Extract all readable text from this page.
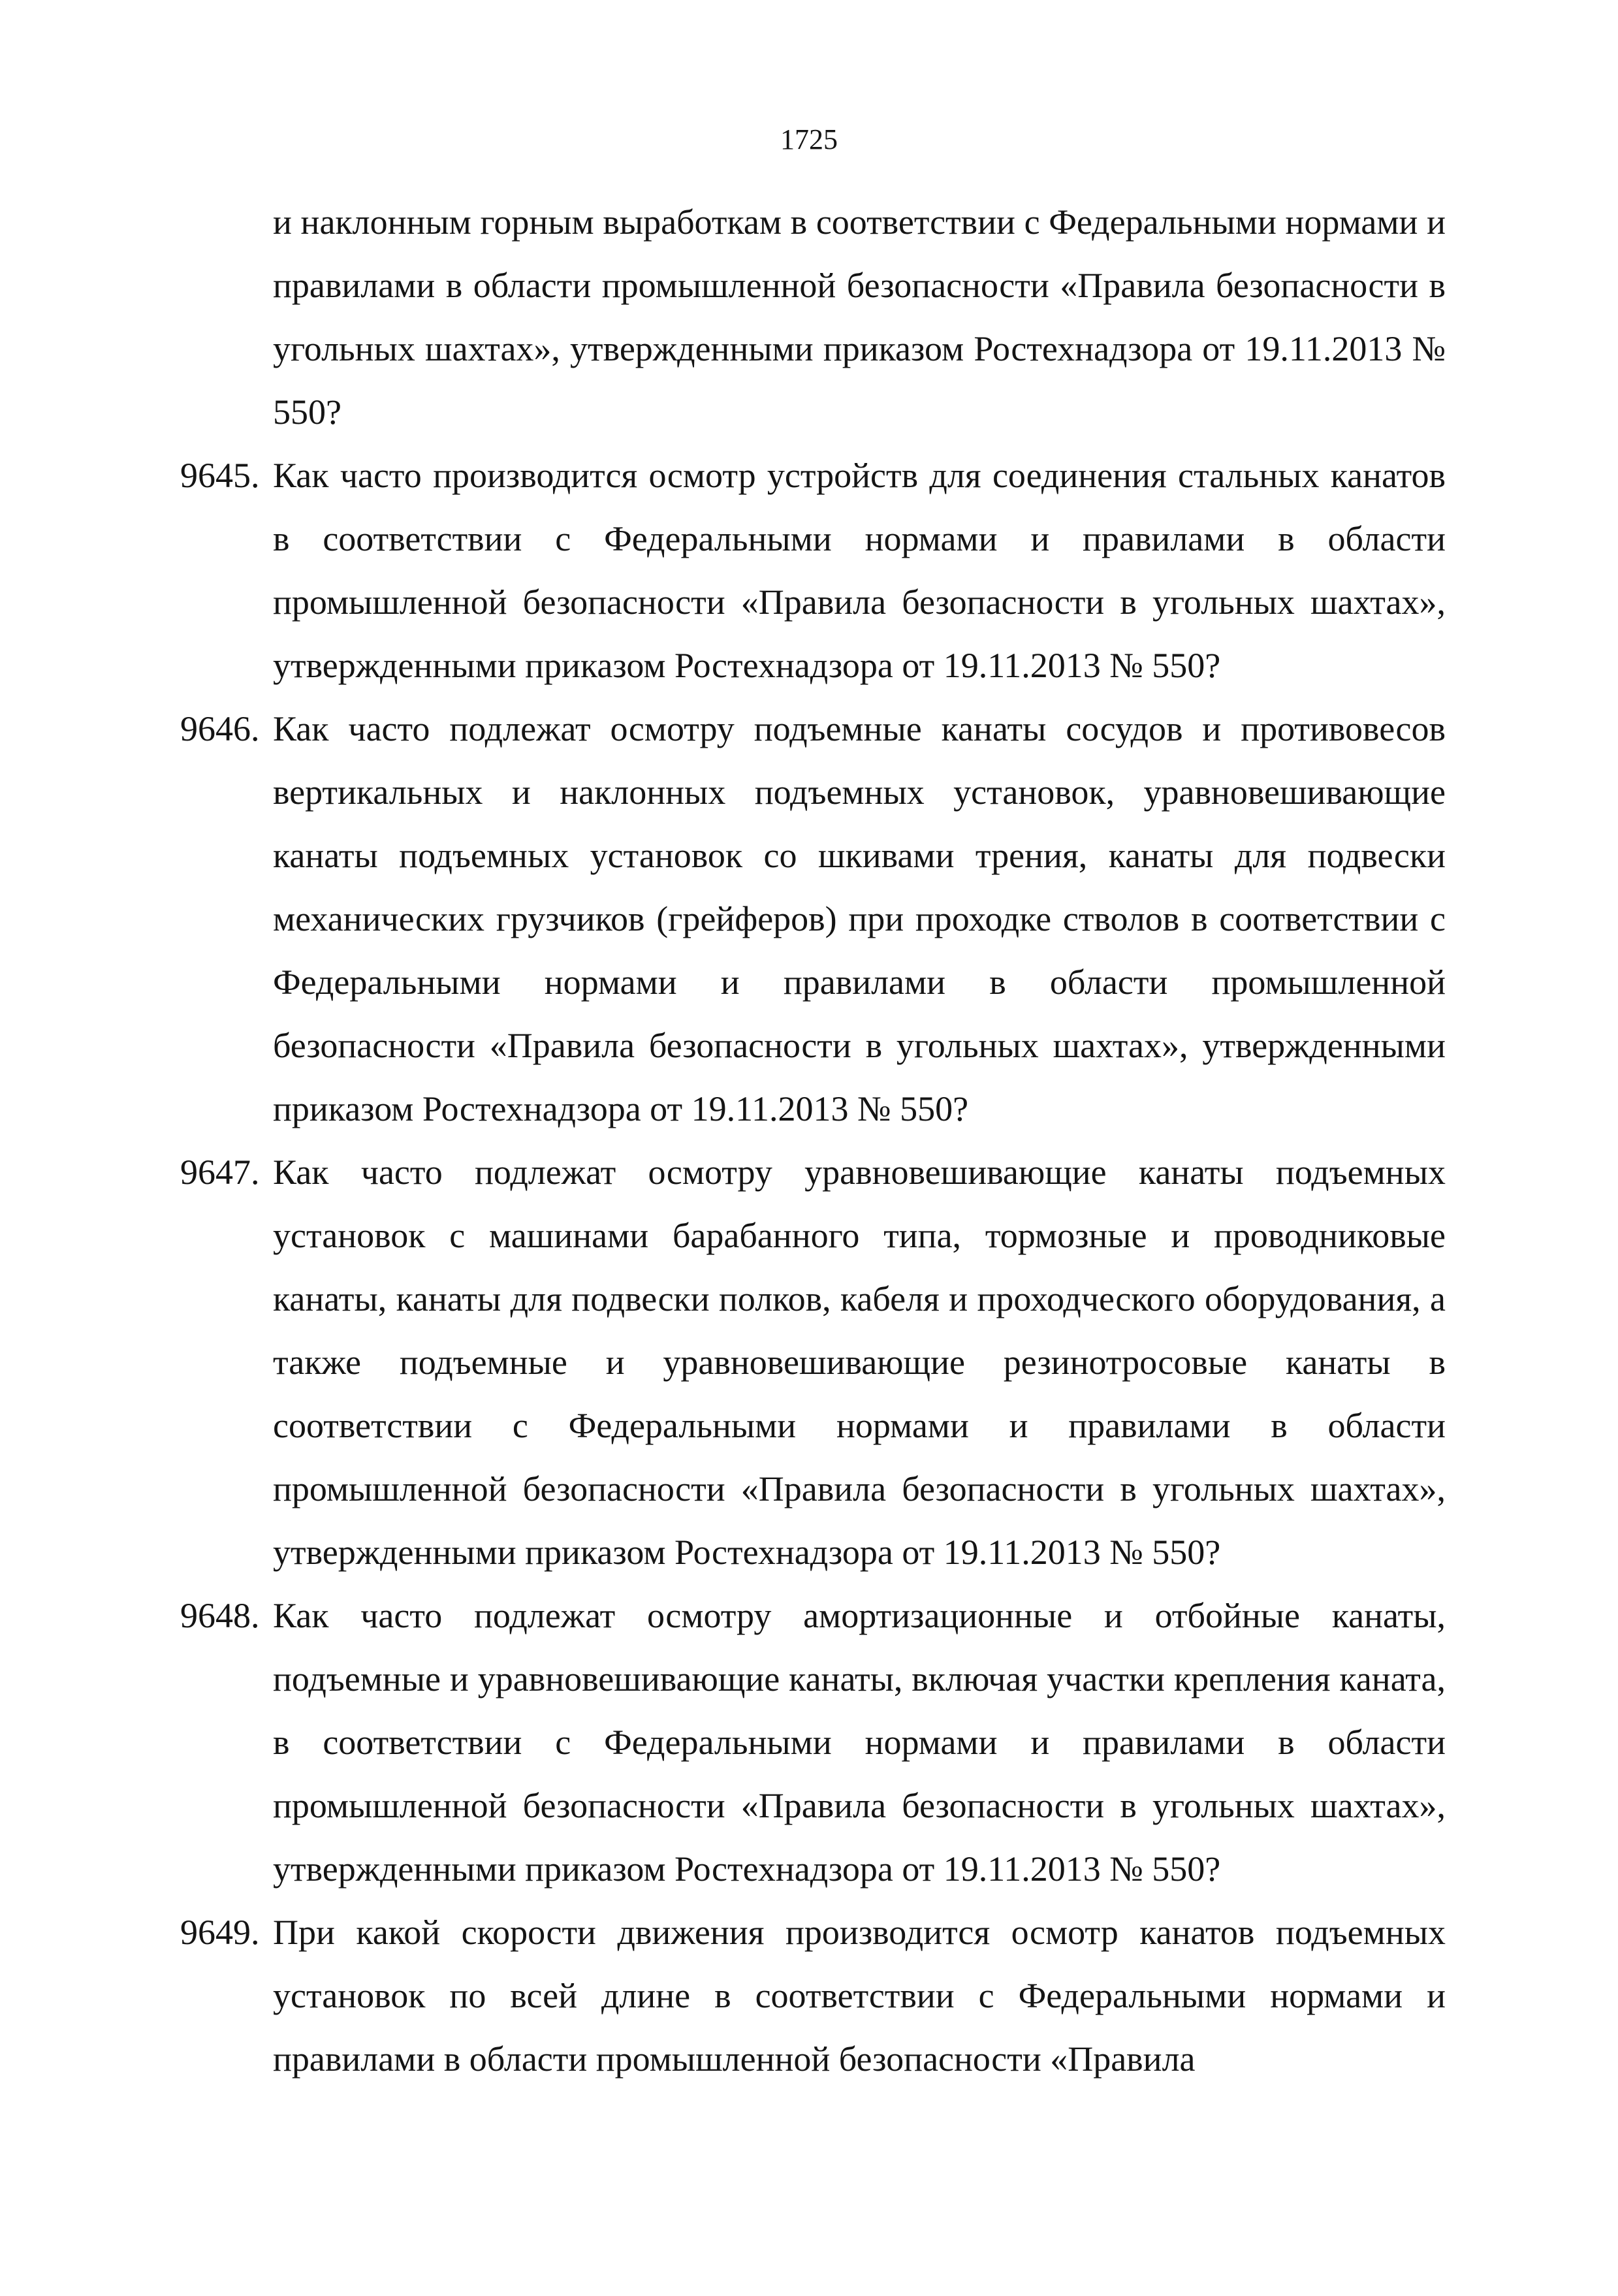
1725
и наклонным горным выработкам в соответствии с Федеральными нормами и правилами в области промышленной безопасности «Правила безопасности в угольных шахтах», утвержденными приказом Ростехнадзора от 19.11.2013 № 550?
9645. Как часто производится осмотр устройств для соединения стальных канатов в соответствии с Федеральными нормами и правилами в области промышленной безопасности «Правила безопасности в угольных шахтах», утвержденными приказом Ростехнадзора от 19.11.2013 № 550?
9646. Как часто подлежат осмотру подъемные канаты сосудов и противовесов вертикальных и наклонных подъемных установок, уравновешивающие канаты подъемных установок со шкивами трения, канаты для подвески механических грузчиков (грейферов) при проходке стволов в соответствии с Федеральными нормами и правилами в области промышленной безопасности «Правила безопасности в угольных шахтах», утвержденными приказом Ростехнадзора от 19.11.2013 № 550?
9647. Как часто подлежат осмотру уравновешивающие канаты подъемных установок с машинами барабанного типа, тормозные и проводниковые канаты, канаты для подвески полков, кабеля и проходческого оборудования, а также подъемные и уравновешивающие резинотросовые канаты в соответствии с Федеральными нормами и правилами в области промышленной безопасности «Правила безопасности в угольных шахтах», утвержденными приказом Ростехнадзора от 19.11.2013 № 550?
9648. Как часто подлежат осмотру амортизационные и отбойные канаты, подъемные и уравновешивающие канаты, включая участки крепления каната, в соответствии с Федеральными нормами и правилами в области промышленной безопасности «Правила безопасности в угольных шахтах», утвержденными приказом Ростехнадзора от 19.11.2013 № 550?
9649. При какой скорости движения производится осмотр канатов подъемных установок по всей длине в соответствии с Федеральными нормами и правилами в области промышленной безопасности «Правила
